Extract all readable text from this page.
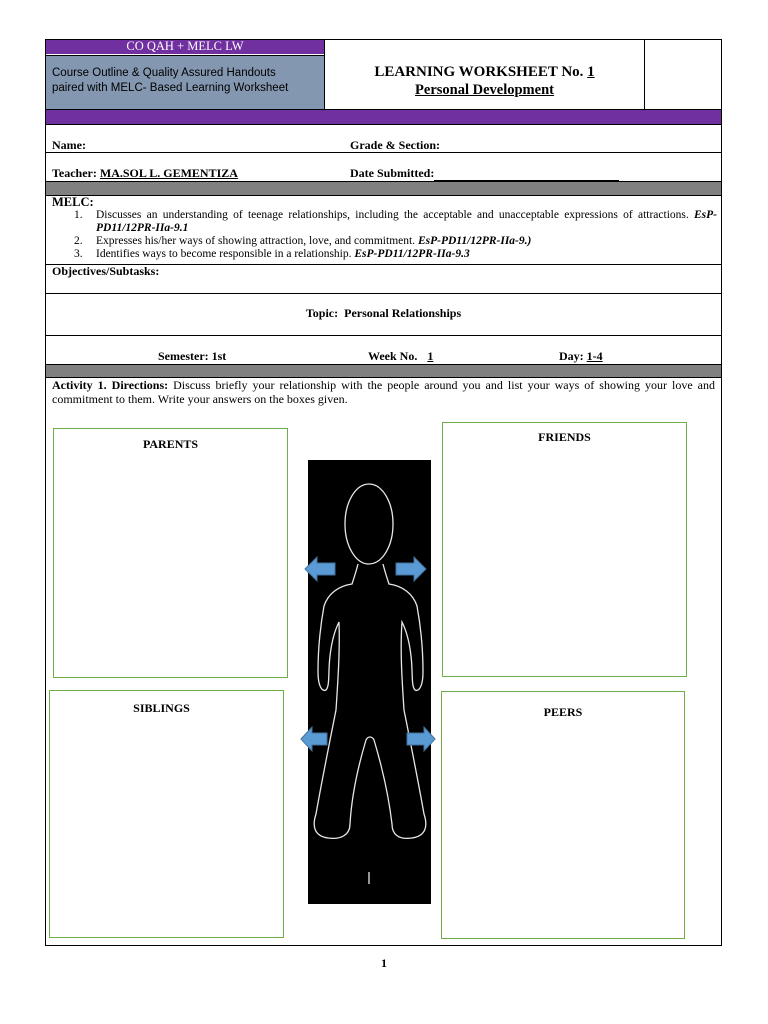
CO QAH + MELC LW
Course Outline & Quality Assured Handouts
paired with MELC- Based Learning Worksheet
LEARNING WORKSHEET No. 1
Personal Development
Name:	Grade & Section:
Teacher: MA.SOL L. GEMENTIZA	Date Submitted:
MELC:
1. Discusses an understanding of teenage relationships, including the acceptable and unacceptable expressions of attractions. EsP-PD11/12PR-IIa-9.1
2. Expresses his/her ways of showing attraction, love, and commitment. EsP-PD11/12PR-IIa-9.)
3. Identifies ways to become responsible in a relationship. EsP-PD11/12PR-IIa-9.3
Objectives/Subtasks:
Topic: Personal Relationships
Semester: 1st	Week No. 1	Day: 1-4
Activity 1. Directions: Discuss briefly your relationship with the people around you and list your ways of showing your love and commitment to them. Write your answers on the boxes given.
PARENTS	FRIENDS
SIBLINGS	PEERS
1
